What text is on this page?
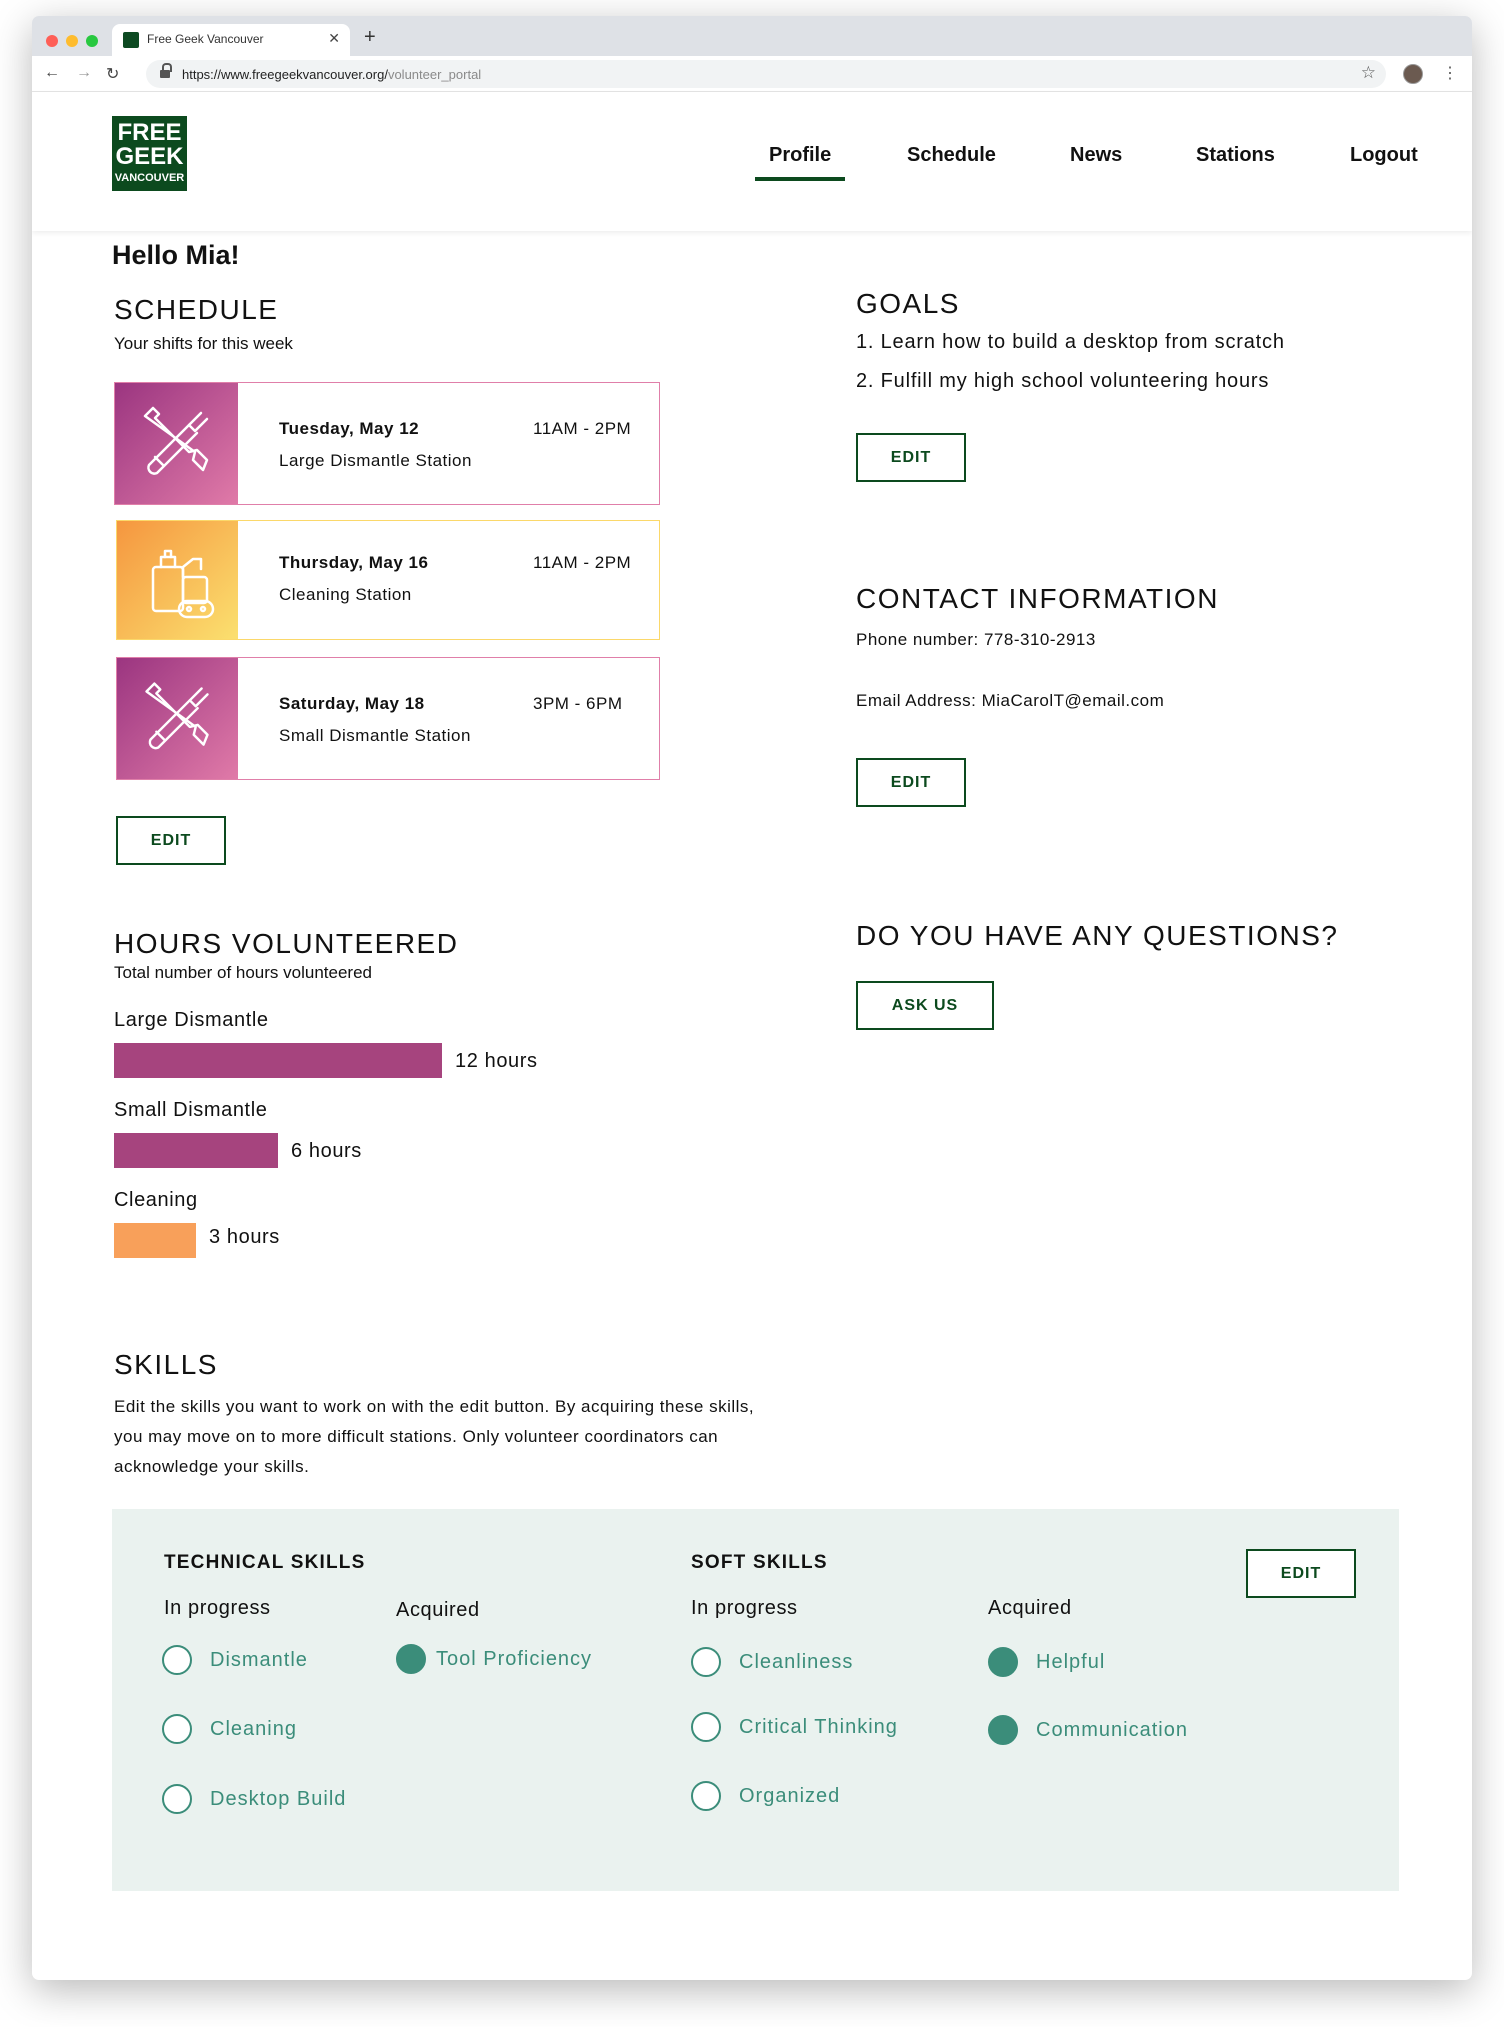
Free Geek Vancouver	✕ +
← → ↻	https://www.freegeekvancouver.org/volunteer_portal	☆	⋮
FREE
GEEK
VANCOUVER
Profile	Schedule	News	Stations	Logout
Hello Mia!
SCHEDULE
Your shifts for this week
Tuesday, May 12
Large Dismantle Station
11AM - 2PM
Thursday, May 16
Cleaning Station
11AM - 2PM
Saturday, May 18
Small Dismantle Station
3PM - 6PM
EDIT
HOURS VOLUNTEERED
Total number of hours volunteered
Large Dismantle
12 hours
Small Dismantle
6 hours
Cleaning
3 hours
GOALS
1. Learn how to build a desktop from scratch
2. Fulfill my high school volunteering hours
EDIT
CONTACT INFORMATION
Phone number: 778-310-2913
Email Address: MiaCarolT@email.com
EDIT
DO YOU HAVE ANY QUESTIONS?
ASK US
SKILLS
Edit the skills you want to work on with the edit button. By acquiring these skills, you may move on to more difficult stations. Only volunteer coordinators can acknowledge your skills.
TECHNICAL SKILLS
In progress	Acquired
Dismantle
Cleaning
Desktop Build
Tool Proficiency
SOFT SKILLS
In progress	Acquired
Cleanliness
Critical Thinking
Organized
Helpful
Communication
EDIT
